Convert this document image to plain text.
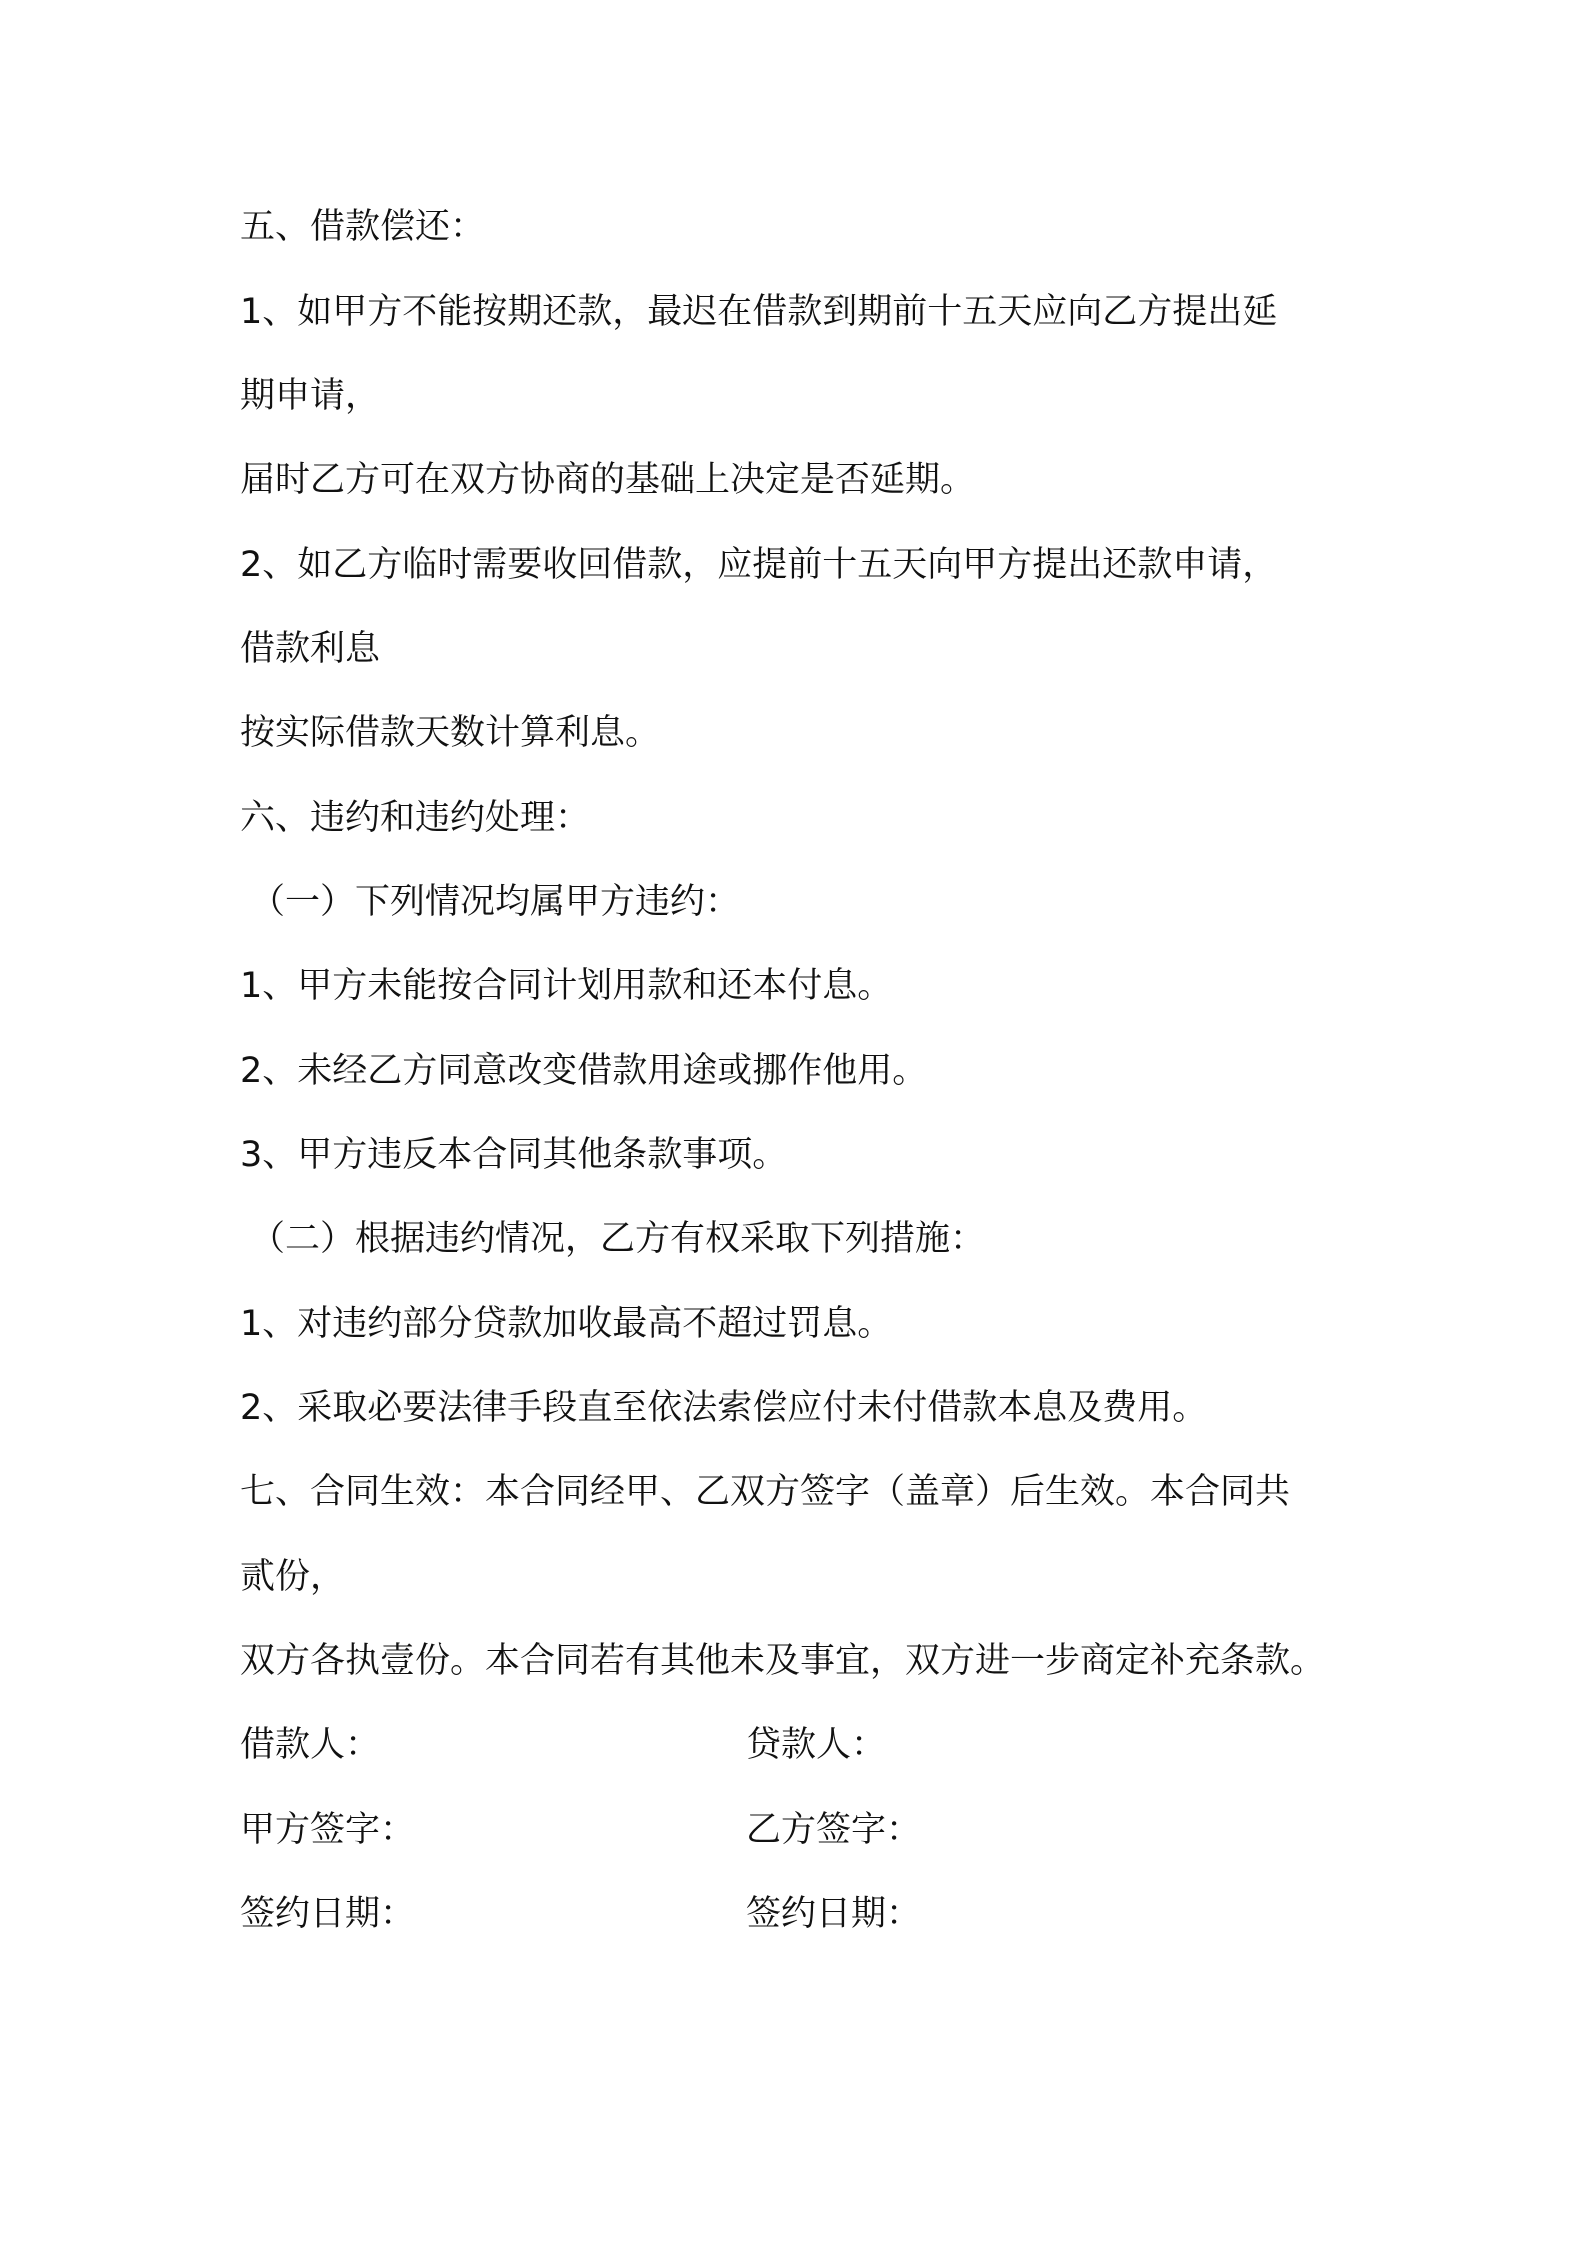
五、借款偿还：

1、如甲方不能按期还款，最迟在借款到期前十五天应向乙方提出延

期申请，

届时乙方可在双方协商的基础上决定是否延期。

2、如乙方临时需要收回借款，应提前十五天向甲方提出还款申请，

借款利息

按实际借款天数计算利息。

六、违约和违约处理：

（一）下列情况均属甲方违约：

1、甲方未能按合同计划用款和还本付息。

2、未经乙方同意改变借款用途或挪作他用。

3、甲方违反本合同其他条款事项。

（二）根据违约情况，乙方有权采取下列措施：

1、对违约部分贷款加收最高不超过罚息。

2、采取必要法律手段直至依法索偿应付未付借款本息及费用。

七、合同生效：本合同经甲、乙双方签字（盖章）后生效。本合同共

贰份，

双方各执壹份。本合同若有其他未及事宜，双方进一步商定补充条款。

借款人：	贷款人：

甲方签字：	乙方签字：

签约日期：	签约日期：
